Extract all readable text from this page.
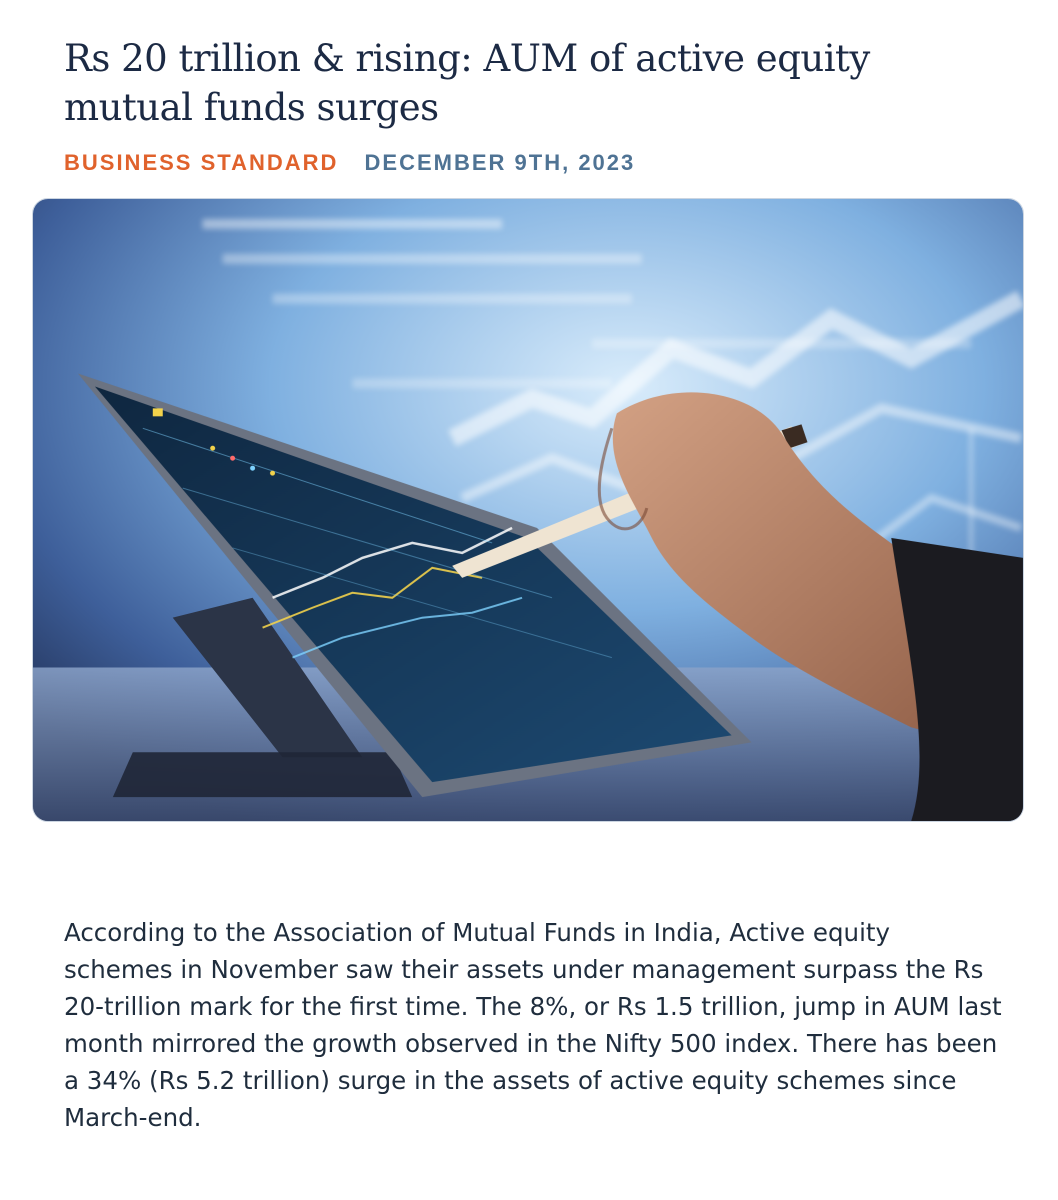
Rs 20 trillion & rising: AUM of active equity mutual funds surges
BUSINESS STANDARD DECEMBER 9TH, 2023

According to the Association of Mutual Funds in India, Active equity schemes in November saw their assets under management surpass the Rs 20-trillion mark for the first time. The 8%, or Rs 1.5 trillion, jump in AUM last month mirrored the growth observed in the Nifty 500 index. There has been a 34% (Rs 5.2 trillion) surge in the assets of active equity schemes since March-end.
